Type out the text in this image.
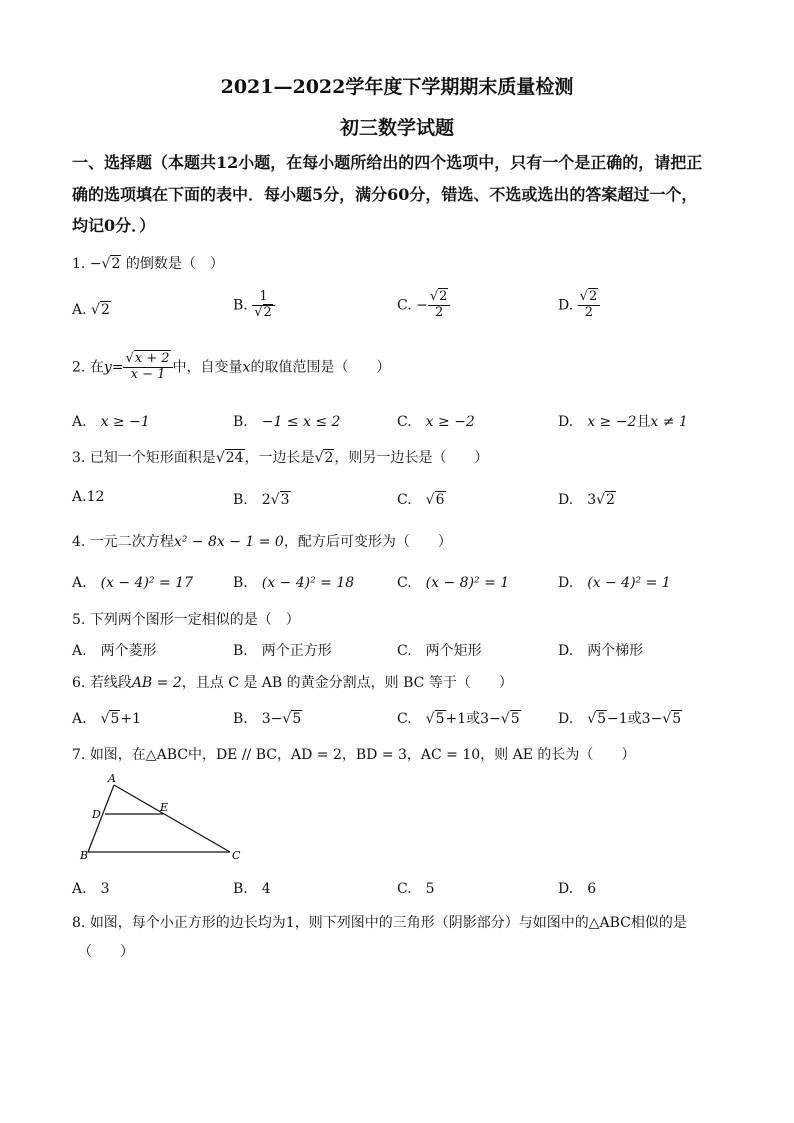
2021—2022学年度下学期期末质量检测
初三数学试题
一、选择题（本题共12小题，在每小题所给出的四个选项中，只有一个是正确的，请把正
确的选项填在下面的表中．每小题5分，满分60分，错选、不选或选出的答案超过一个，
均记0分．）
1. −√2 的倒数是（　）
A. √2	B. $\frac{1}{√2}$	C. − $\frac{√2}{2}$	D. $\frac{√2}{2}$
2. 在$y= \frac{√x + 2}{x - 1}$ 中，自变量x的取值范围是（　　）
A.　 x ≥ −1	B.　 −1 ≤ x ≤ 2	C.　 x ≥ −2	D.　 x ≥ −2且x ≠ 1
3. 已知一个矩形面积是√24，一边长是√2，则另一边长是（　　）
A.12	B.　 2√3	C.　 √6	D.　 3√2
4. 一元二次方程x² − 8x − 1 = 0，配方后可变形为（　　）
A.　 (x − 4)² = 17	B.　 (x − 4)² = 18	C.　 (x − 8)² = 1	D.　 (x − 4)² = 1
5. 下列两个图形一定相似的是（　）
A.　 两个菱形	B.　 两个正方形	C.　 两个矩形	D.　 两个梯形
6. 若线段AB = 2，且点 C 是 AB 的黄金分割点，则 BC 等于（　　）
A.　 √5+1	B.　 3−√5	C.　 √5+1或3−√5	D.　 √5−1或3−√5
7. 如图，在△ABC中，DE // BC，AD = 2，BD = 3，AC = 10，则 AE 的长为（　　）
A
D
E
B	C
A.　 3	B.　 4	C.　 5	D.　 6
8. 如图，每个小正方形的边长均为1，则下列图中的三角形（阴影部分）与如图中的△ABC相似的是
（　　）
